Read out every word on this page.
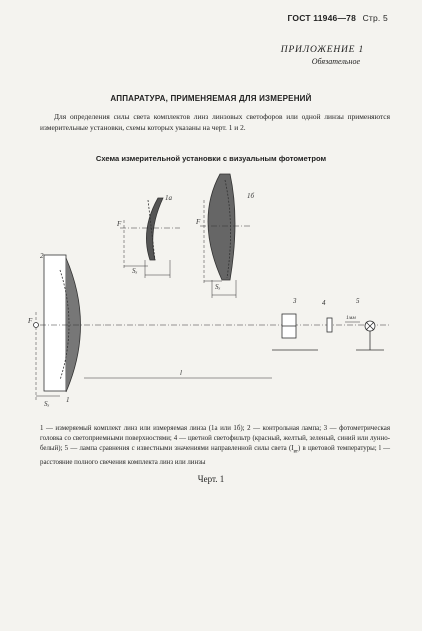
ГОСТ 11946—78 Стр. 5
ПРИЛОЖЕНИЕ 1
Обязательное
АППАРАТУРА, ПРИМЕНЯЕМАЯ ДЛЯ ИЗМЕРЕНИЙ
Для определения силы света комплектов линз линзовых светофоров или одной линзы применяются измерительные установки, схемы которых указаны на черт. 1 и 2.
Схема измерительной установки с визуальным фотометром
1а	1б
2
F	F
F
Sₓ
Sₓ
Sₓ
l
3	4	5
1мм
1
1 — измеряемый комплект линз или измеряемая линза (1а или 1б); 2 — контрольная лампа; 3 — фотометрическая головка со светоприемными поверхностями; 4 — цветной светофильтр (красный, желтый, зеленый, синий или лунно-белый); 5 — лампа сравнения с известными значениями направленной силы света $(I_{вт})$ в цветовой температуры; l — расстояние полного свечения комплекта линз или линзы
Черт. 1
